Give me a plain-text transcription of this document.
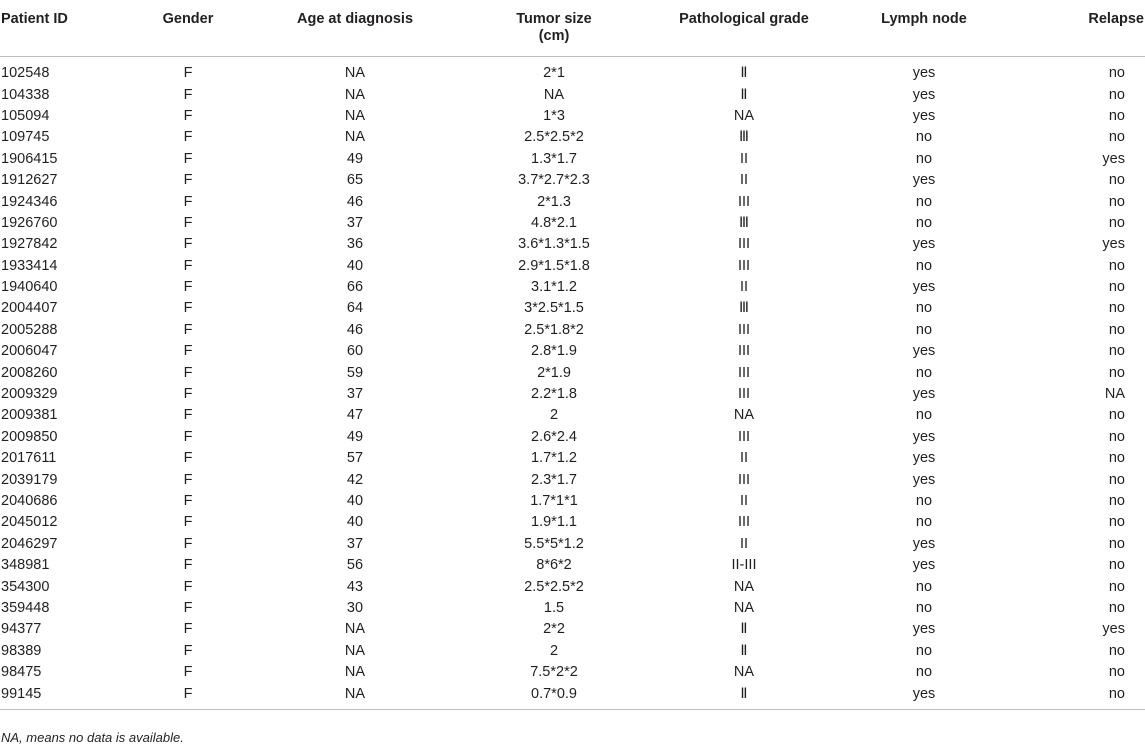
Patient ID	Gender	Age at diagnosis	Tumor size (cm)	Pathological grade	Lymph node	Relapse
102548	F	NA	2*1	Ⅱ	yes	no
104338	F	NA	NA	Ⅱ	yes	no
105094	F	NA	1*3	NA	yes	no
109745	F	NA	2.5*2.5*2	Ⅲ	no	no
1906415	F	49	1.3*1.7	II	no	yes
1912627	F	65	3.7*2.7*2.3	II	yes	no
1924346	F	46	2*1.3	III	no	no
1926760	F	37	4.8*2.1	Ⅲ	no	no
1927842	F	36	3.6*1.3*1.5	III	yes	yes
1933414	F	40	2.9*1.5*1.8	III	no	no
1940640	F	66	3.1*1.2	II	yes	no
2004407	F	64	3*2.5*1.5	Ⅲ	no	no
2005288	F	46	2.5*1.8*2	III	no	no
2006047	F	60	2.8*1.9	III	yes	no
2008260	F	59	2*1.9	III	no	no
2009329	F	37	2.2*1.8	III	yes	NA
2009381	F	47	2	NA	no	no
2009850	F	49	2.6*2.4	III	yes	no
2017611	F	57	1.7*1.2	II	yes	no
2039179	F	42	2.3*1.7	III	yes	no
2040686	F	40	1.7*1*1	II	no	no
2045012	F	40	1.9*1.1	III	no	no
2046297	F	37	5.5*5*1.2	II	yes	no
348981	F	56	8*6*2	II-III	yes	no
354300	F	43	2.5*2.5*2	NA	no	no
359448	F	30	1.5	NA	no	no
94377	F	NA	2*2	Ⅱ	yes	yes
98389	F	NA	2	Ⅱ	no	no
98475	F	NA	7.5*2*2	NA	no	no
99145	F	NA	0.7*0.9	Ⅱ	yes	no
NA, means no data is available.
